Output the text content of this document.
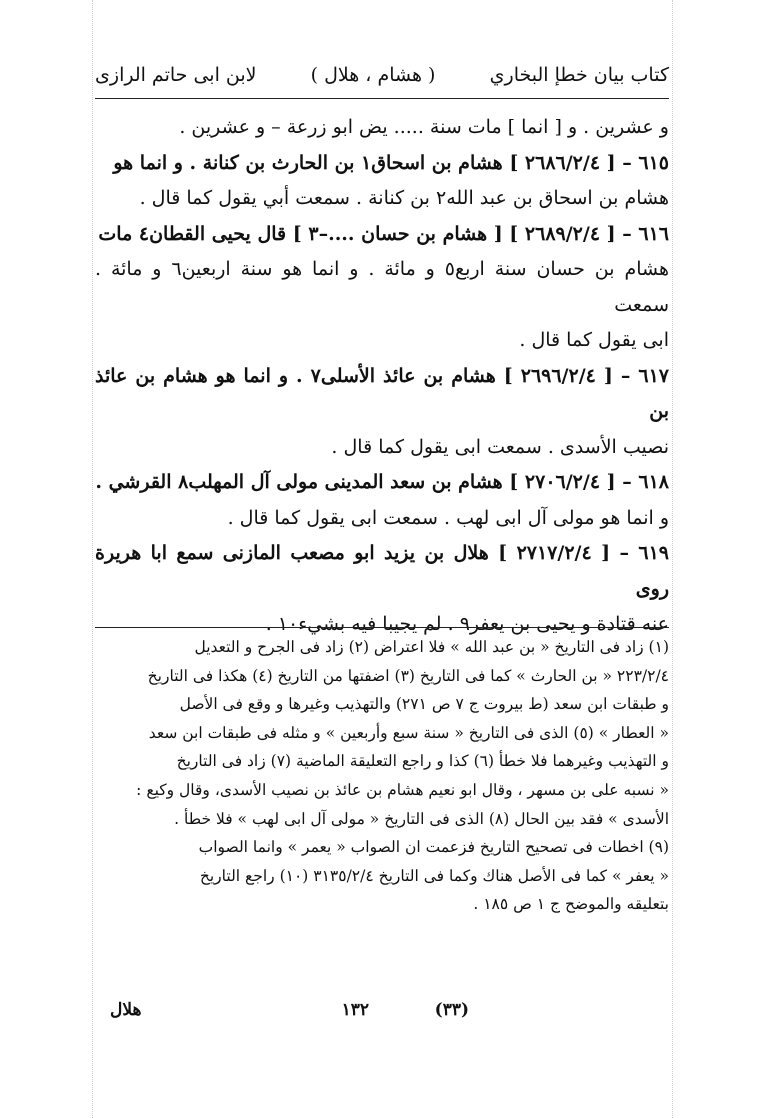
كتاب بيان خطإ البخاري
( هشام ، هلال )
لابن ابى حاتم الرازى

و عشرين . و [ انما ] مات سنة ..... يض ابو زرعة – و عشرين .

٦١٥ – [ ٢٦٨٦/٢/٤ ] هشام بن اسحاق١ بن الحارث بن كنانة . و انما هو

هشام بن اسحاق بن عبد الله٢ بن كنانة . سمعت أبي يقول كما قال .

٦١٦ – [ ٢٦٨٩/٢/٤ ] [ هشام بن حسان ....–٣ ] قال يحيى القطان٤ مات

هشام بن حسان سنة اربع٥ و مائة . و انما هو سنة اربعين٦ و مائة . سمعت

ابى يقول كما قال .

٦١٧ – [ ٢٦٩٦/٢/٤ ] هشام بن عائذ الأسلى٧ . و انما هو هشام بن عائذ بن

نصيب الأسدى . سمعت ابى يقول كما قال .

٦١٨ – [ ٢٧٠٦/٢/٤ ] هشام بن سعد المدينى مولى آل المهلب٨ القرشي .

و انما هو مولى آل ابى لهب . سمعت ابى يقول كما قال .

٦١٩ – [ ٢٧١٧/٢/٤ ] هلال بن يزيد ابو مصعب المازنى سمع ابا هريرة روى

عنه قتادة و يحيى بن يعفر٩ . لم يجيبا فيه بشيء١٠ .

(١) زاد فى التاريخ « بن عبد الله » فلا اعتراض (٢) زاد فى الجرح و التعديل

٢٢٣/٢/٤ « بن الحارث » كما فى التاريخ (٣) اضفتها من التاريخ (٤) هكذا فى التاريخ

و طبقات ابن سعد (ط بيروت ج ٧ ص ٢٧١) والتهذيب وغيرها و وقع فى الأصل

« العطار » (٥) الذى فى التاريخ « سنة سبع وأربعين » و مثله فى طبقات ابن سعد

و التهذيب وغيرهما فلا خطأ (٦) كذا و راجع التعليقة الماضية (٧) زاد فى التاريخ

« نسبه على بن مسهر ، وقال ابو نعيم هشام بن عائذ بن نصيب الأسدى، وقال وكيع :

الأسدى » فقد بين الحال (٨) الذى فى التاريخ « مولى آل ابى لهب » فلا خطأ .

(٩) اخطات فى تصحيح التاريخ فزعمت ان الصواب « يعمر » وانما الصواب

« يعفر » كما فى الأصل هناك وكما فى التاريخ ٣١٣٥/٢/٤ (١٠) راجع التاريخ

بتعليقه والموضح ج ١ ص ١٨٥ .

١٣٢	(٣٣)
هلال
